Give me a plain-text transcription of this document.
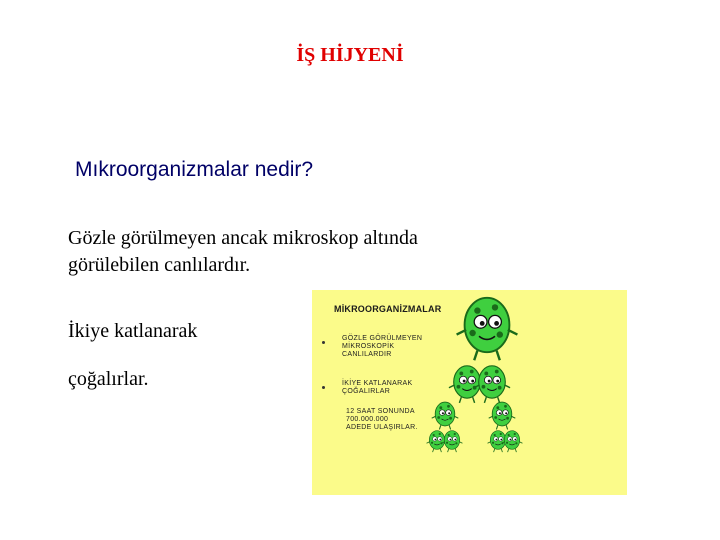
İŞ HİJYENİ
Mıkroorganizmalar nedir?
Gözle görülmeyen ancak mikroskop altında görülebilen canlılardır.
İkiye katlanarak
çoğalırlar.
MİKROORGANİZMALAR
GÖZLE GÖRÜLMEYEN
MİKROSKOPİK
CANLILARDIR
İKİYE KATLANARAK
ÇOĞALIRLAR
12 SAAT SONUNDA
700.000.000
ADEDE ULAŞIRLAR.
